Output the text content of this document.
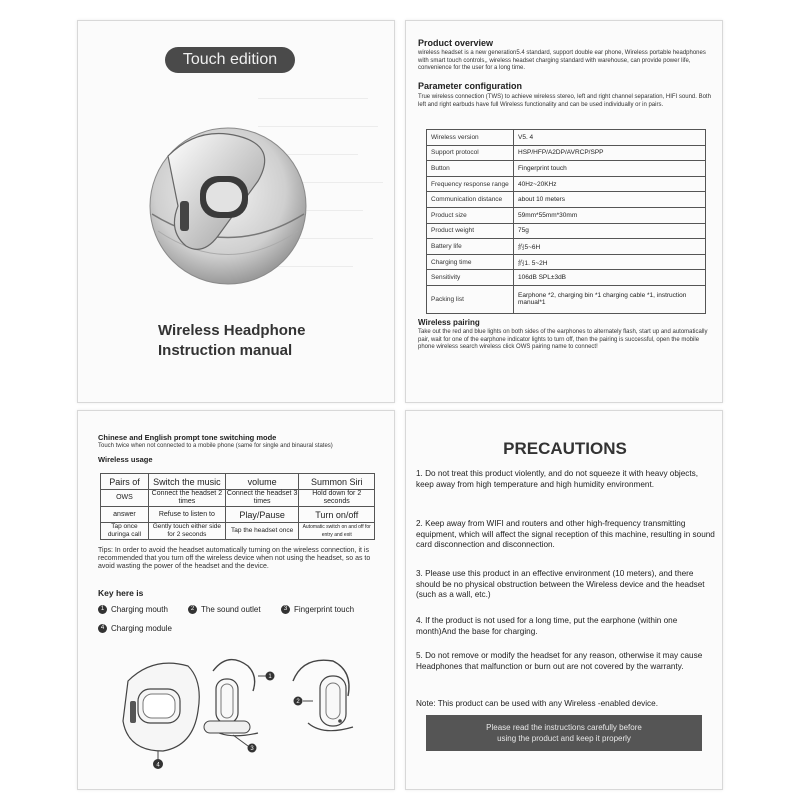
Touch edition
Wireless Headphone
Instruction manual
Product overview
wireless headset is a new generation5.4 standard, support double ear phone, Wireless portable headphones with smart touch controls,, wireless headset charging standard with warehouse, can provide power life, convenience for the user for a long time.
Parameter configuration
True wireless connection (TWS) to achieve wireless stereo, left and right channel separation, HIFI sound. Both left and right earbuds have full Wireless functionality and can be used individually or in pairs.
Wireless version	V5. 4
Support protocol	HSP/HFP/A2DP/AVRCP/SPP
Button	Fingerprint touch
Frequency response range	40Hz~20KHz
Communication distance	about 10 meters
Product size	59mm*55mm*30mm
Product weight	75g
Battery life	約5~6H
Charging time	約1. 5~2H
Sensitivity	106dB SPL±3dB
Packing list	Earphone *2, charging bin *1 charging cable *1, instruction manual*1
Wireless pairing
Take out the red and blue lights on both sides of the earphones to alternately flash, start up and automatically pair, wait for one of the earphone indicator lights to turn off, then the pairing is successful, open the mobile phone wireless search wireless click OWS pairing name to connect!
Chinese and English prompt tone switching mode
Touch twice when not connected to a mobile phone (same for single and binaural states)
Wireless usage
Pairs of	Switch the music	volume	Summon Siri
OWS	Connect the headset 2 times	Connect the headset 3 times	Hold down for 2 seconds
answer	Refuse to listen to	Play/Pause	Turn on/off
Tap once duringa call	Gently touch either side for 2 seconds	Tap the headset once	Automatic switch on and off for entry and exit
Tips: In order to avoid the headset automatically turning on the wireless connection, it is recommended that you turn off the wireless device when not using the headset, so as to avoid wasting the power of the headset and the device.
Key here is
1 Charging mouth	2 The sound outlet	3 Fingerprint touch
4 Charging module
4
1
3
2
PRECAUTIONS
1. Do not treat this product violently, and do not squeeze it with heavy objects, keep away from high temperature and high humidity environment.
2. Keep away from WIFI and routers and other high-frequency transmitting equipment, which will affect the signal reception of this machine, resulting in sound card disconnection and disconnection.
3. Please use this product in an effective environment (10 meters), and there should be no physical obstruction between the Wireless device and the headset (such as a wall, etc.)
4. If the product is not used for a long time, put the earphone (within one month)And the base for charging.
5. Do not remove or modify the headset for any reason, otherwise it may cause Headphones that malfunction or burn out are not covered by the warranty.
Note: This product can be used with any Wireless -enabled device.
Please read the instructions carefully before
using the product and keep it properly
